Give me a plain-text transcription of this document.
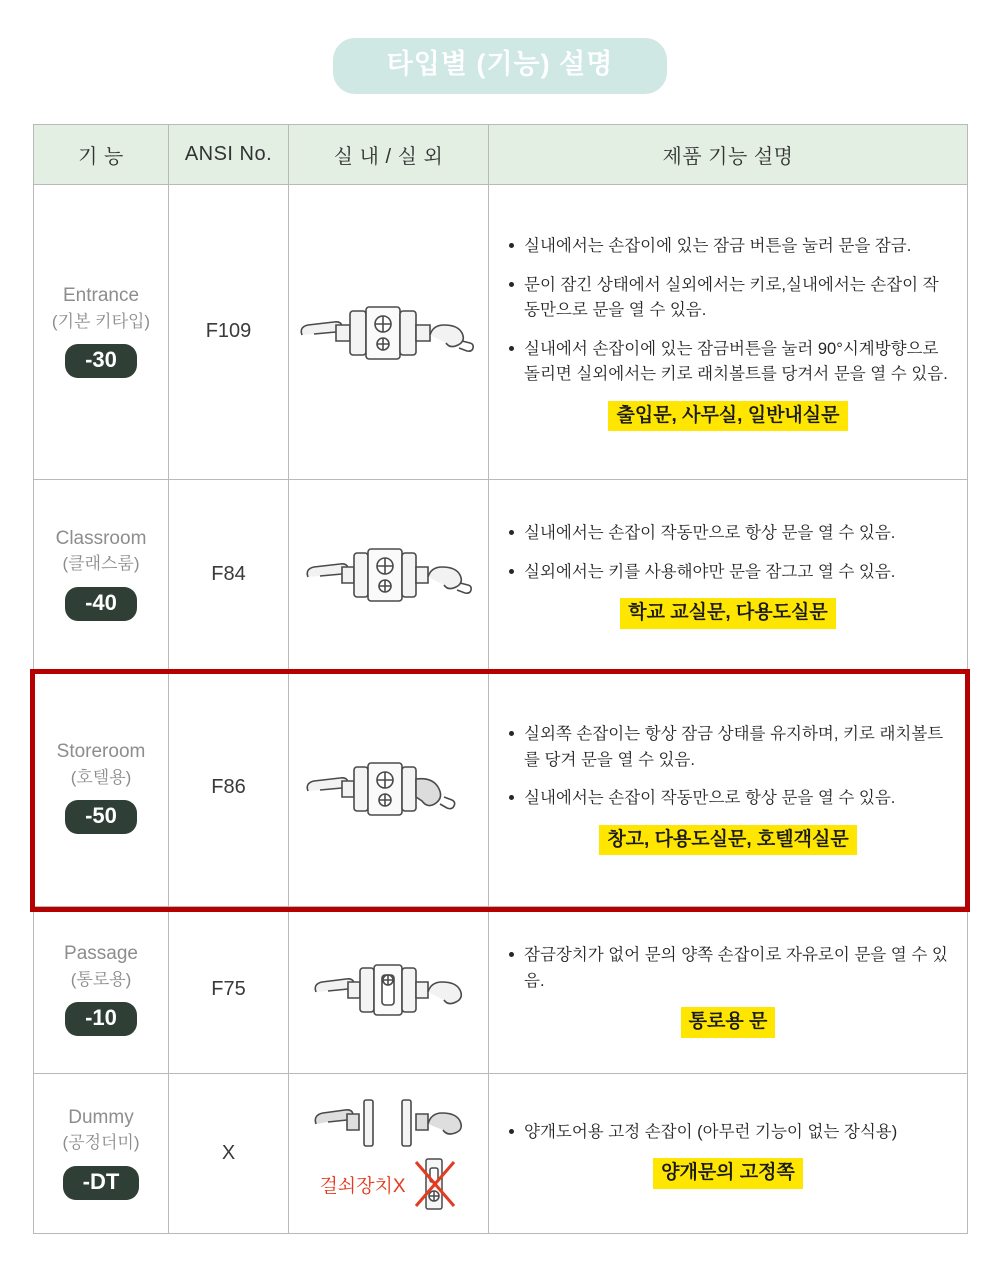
타입별 (기능) 설명
기 능	ANSI No.	실 내 / 실 외	제품 기능 설명

Entrance
(기본 키타입)
-30	F109	

실내에서는 손잡이에 있는 잠금 버튼을 눌러 문을 잠금.
문이 잠긴 상태에서 실외에서는 키로,실내에서는 손잡이 작동만으로 문을 열 수 있음.
실내에서 손잡이에 있는 잠금버튼을 눌러 90°시계방향으로 돌리면 실외에서는 키로 래치볼트를 당겨서 문을 열 수 있음.
출입문, 사무실, 일반내실문

Classroom
(클래스룸)
-40	F84	

실내에서는 손잡이 작동만으로 항상 문을 열 수 있음.
실외에서는 키를 사용해야만 문을 잠그고 열 수 있음.
학교 교실문, 다용도실문

Storeroom
(호텔용)
-50	F86	

실외쪽 손잡이는 항상 잠금 상태를 유지하며, 키로 래치볼트를 당겨 문을 열 수 있음.
실내에서는 손잡이 작동만으로 항상 문을 열 수 있음.
창고, 다용도실문, 호텔객실문

Passage
(통로용)
-10	F75	

잠금장치가 없어 문의 양쪽 손잡이로 자유로이 문을 열 수 있음.
통로용 문

Dummy
(공정더미)
-DT	X	
걸쇠장치X

양개도어용 고정 손잡이 (아무런 기능이 없는 장식용)
양개문의 고정쪽
